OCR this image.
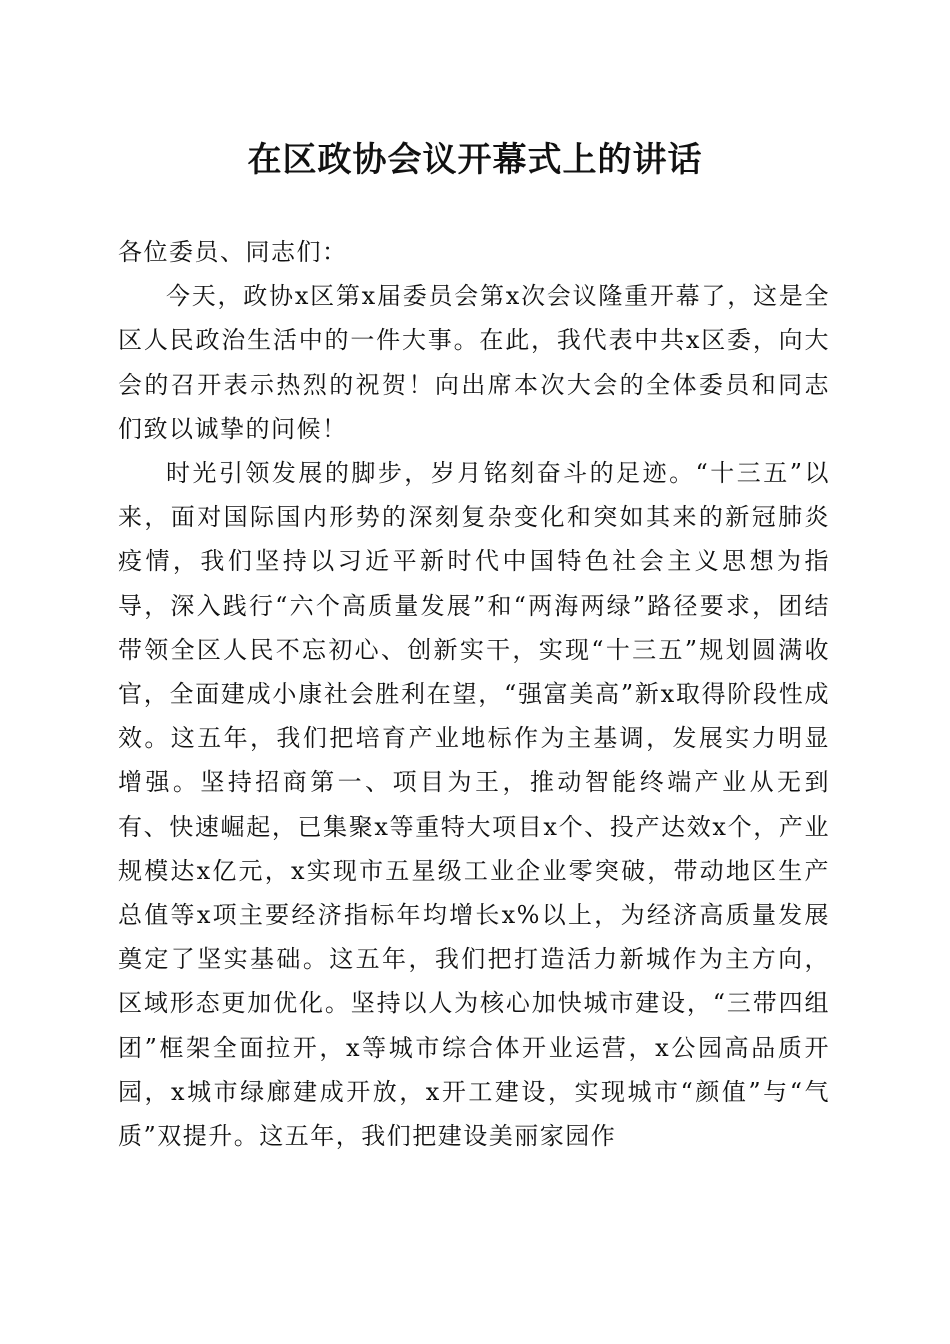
在区政协会议开幕式上的讲话

各位委员、同志们：

今天，政协x区第x届委员会第x次会议隆重开幕了，这是全区人民政治生活中的一件大事。在此，我代表中共x区委，向大会的召开表示热烈的祝贺！向出席本次大会的全体委员和同志们致以诚挚的问候！

时光引领发展的脚步，岁月铭刻奋斗的足迹。“十三五”以来，面对国际国内形势的深刻复杂变化和突如其来的新冠肺炎疫情，我们坚持以习近平新时代中国特色社会主义思想为指导，深入践行“六个高质量发展”和“两海两绿”路径要求，团结带领全区人民不忘初心、创新实干，实现“十三五”规划圆满收官，全面建成小康社会胜利在望，“强富美高”新x取得阶段性成效。这五年，我们把培育产业地标作为主基调，发展实力明显增强。坚持招商第一、项目为王，推动智能终端产业从无到有、快速崛起，已集聚x等重特大项目x个、投产达效x个，产业规模达x亿元，x实现市五星级工业企业零突破，带动地区生产总值等x项主要经济指标年均增长x%以上，为经济高质量发展奠定了坚实基础。这五年，我们把打造活力新城作为主方向，区域形态更加优化。坚持以人为核心加快城市建设，“三带四组团”框架全面拉开，x等城市综合体开业运营，x公园高品质开园，x城市绿廊建成开放，x开工建设，实现城市“颜值”与“气质”双提升。这五年，我们把建设美丽家园作
